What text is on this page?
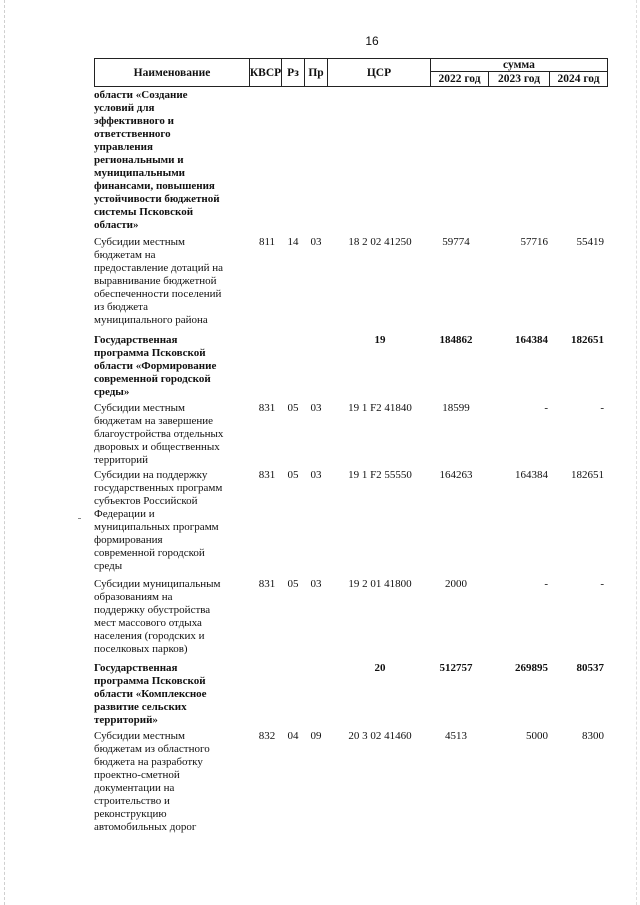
16
Наименование	КВСР Рз Пр	ЦСР
сумма
2022 год	2023 год	2024 год
области «Создание
условий для
эффективного и
ответственного
управления
региональными и
муниципальными
финансами, повышения
устойчивости бюджетной
системы Псковской
области»
Субсидии местным
бюджетам на
предоставление дотаций на
выравнивание бюджетной
обеспеченности поселений
из бюджета
муниципального района
811	14	03	18 2 02 41250	59774	57716	55419
Государственная
программа Псковской
области «Формирование
современной городской
среды»
19	184862	164384	182651
Субсидии местным
бюджетам на завершение
благоустройства отдельных
дворовых и общественных
территорий
831	05	03	19 1 F2 41840	18599	-	-
Субсидии на поддержку
государственных программ
субъектов Российской
Федерации и
муниципальных программ
формирования
современной городской
среды
831	05	03	19 1 F2 55550	164263	164384	182651
Субсидии муниципальным
образованиям на
поддержку обустройства
мест массового отдыха
населения (городских и
поселковых парков)
831	05	03	19 2 01 41800	2000	-	-
Государственная
программа Псковской
области «Комплексное
развитие сельских
территорий»
20	512757	269895	80537
Субсидии местным
бюджетам из областного
бюджета на разработку
проектно-сметной
документации на
строительство и
реконструкцию
автомобильных дорог
832	04	09	20 3 02 41460	4513	5000	8300
